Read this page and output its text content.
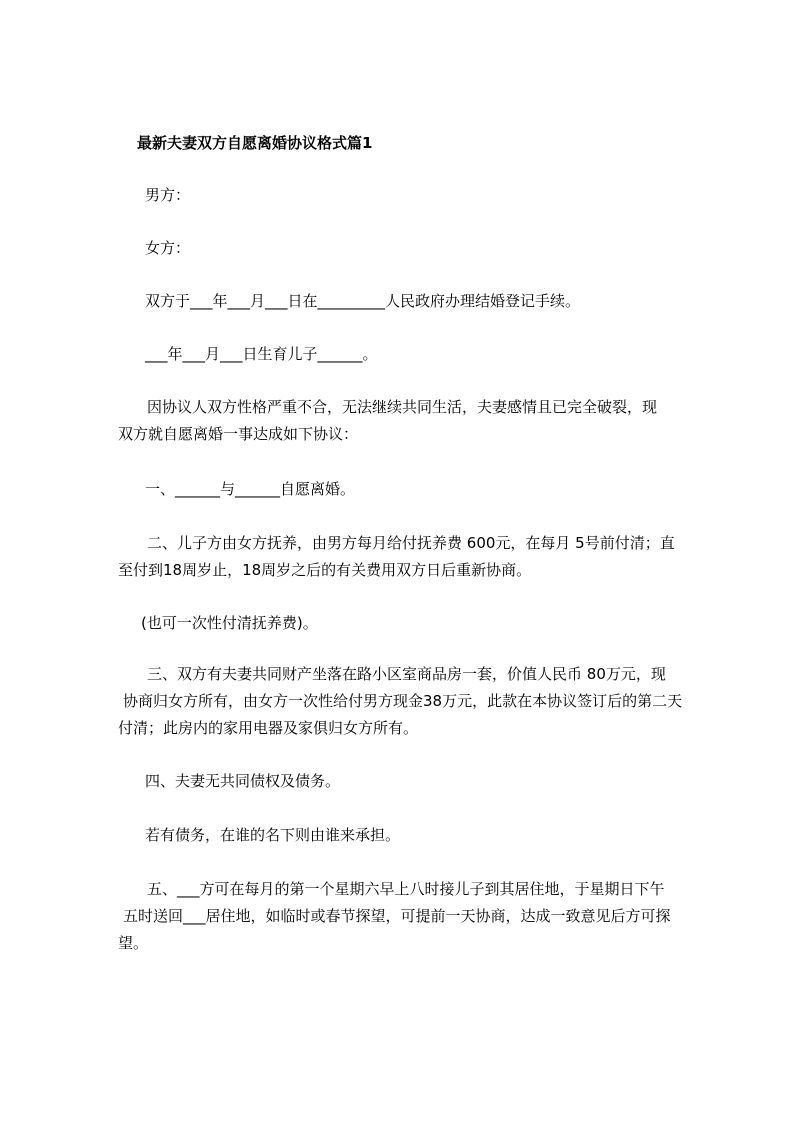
最新夫妻双方自愿离婚协议格式篇1
男方：
女方：
双方于___年___月___日在_________人民政府办理结婚登记手续。
___年___月___日生育儿子______。
因协议人双方性格严重不合，无法继续共同生活，夫妻感情且已完全破裂，现
双方就自愿离婚一事达成如下协议：
一、______与______自愿离婚。
二、儿子方由女方抚养，由男方每月给付抚养费 600元，在每月 5号前付清；直
至付到18周岁止，18周岁之后的有关费用双方日后重新协商。
(也可一次性付清抚养费)。
三、双方有夫妻共同财产坐落在路小区室商品房一套，价值人民币 80万元，现
协商归女方所有，由女方一次性给付男方现金38万元，此款在本协议签订后的第二天
付清；此房内的家用电器及家俱归女方所有。
四、夫妻无共同债权及债务。
若有债务，在谁的名下则由谁来承担。
五、___方可在每月的第一个星期六早上八时接儿子到其居住地，于星期日下午
五时送回___居住地，如临时或春节探望，可提前一天协商，达成一致意见后方可探
望。
